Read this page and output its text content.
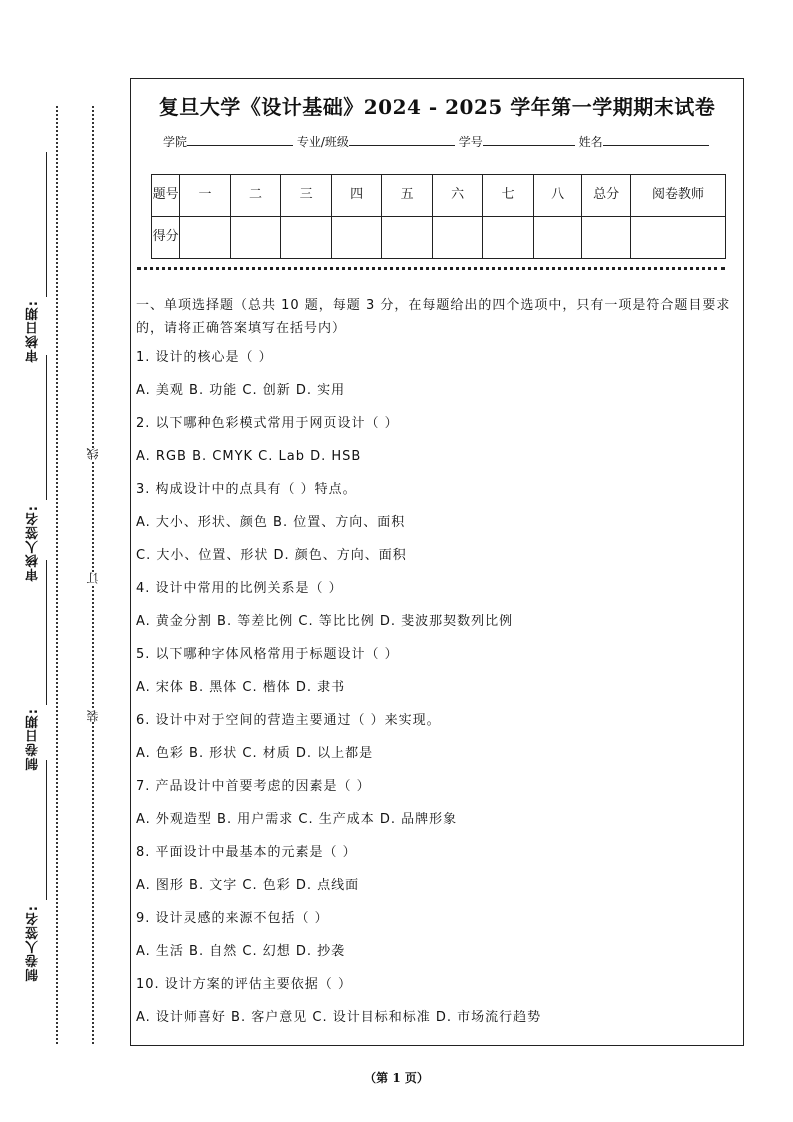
审核日期:
审核人签名:
制卷日期:
制卷人签名:
线
订
装
复旦大学《设计基础》2024 - 2025 学年第一学期期末试卷
学院	专业/班级	学号	姓名
题号	一	二	三	四	五	六	七	八	总分	阅卷教师
得分										
一、单项选择题（总共 10 题，每题 3 分，在每题给出的四个选项中，只有一项是符合题目要求的，请将正确答案填写在括号内）
1. 设计的核心是（ ）
A. 美观 B. 功能 C. 创新 D. 实用
2. 以下哪种色彩模式常用于网页设计（ ）
A. RGB B. CMYK C. Lab D. HSB
3. 构成设计中的点具有（ ）特点。
A. 大小、形状、颜色 B. 位置、方向、面积
C. 大小、位置、形状 D. 颜色、方向、面积
4. 设计中常用的比例关系是（ ）
A. 黄金分割 B. 等差比例 C. 等比比例 D. 斐波那契数列比例
5. 以下哪种字体风格常用于标题设计（ ）
A. 宋体 B. 黑体 C. 楷体 D. 隶书
6. 设计中对于空间的营造主要通过（ ）来实现。
A. 色彩 B. 形状 C. 材质 D. 以上都是
7. 产品设计中首要考虑的因素是（ ）
A. 外观造型 B. 用户需求 C. 生产成本 D. 品牌形象
8. 平面设计中最基本的元素是（ ）
A. 图形 B. 文字 C. 色彩 D. 点线面
9. 设计灵感的来源不包括（ ）
A. 生活 B. 自然 C. 幻想 D. 抄袭
10. 设计方案的评估主要依据（ ）
A. 设计师喜好 B. 客户意见 C. 设计目标和标准 D. 市场流行趋势
（第 1 页）
